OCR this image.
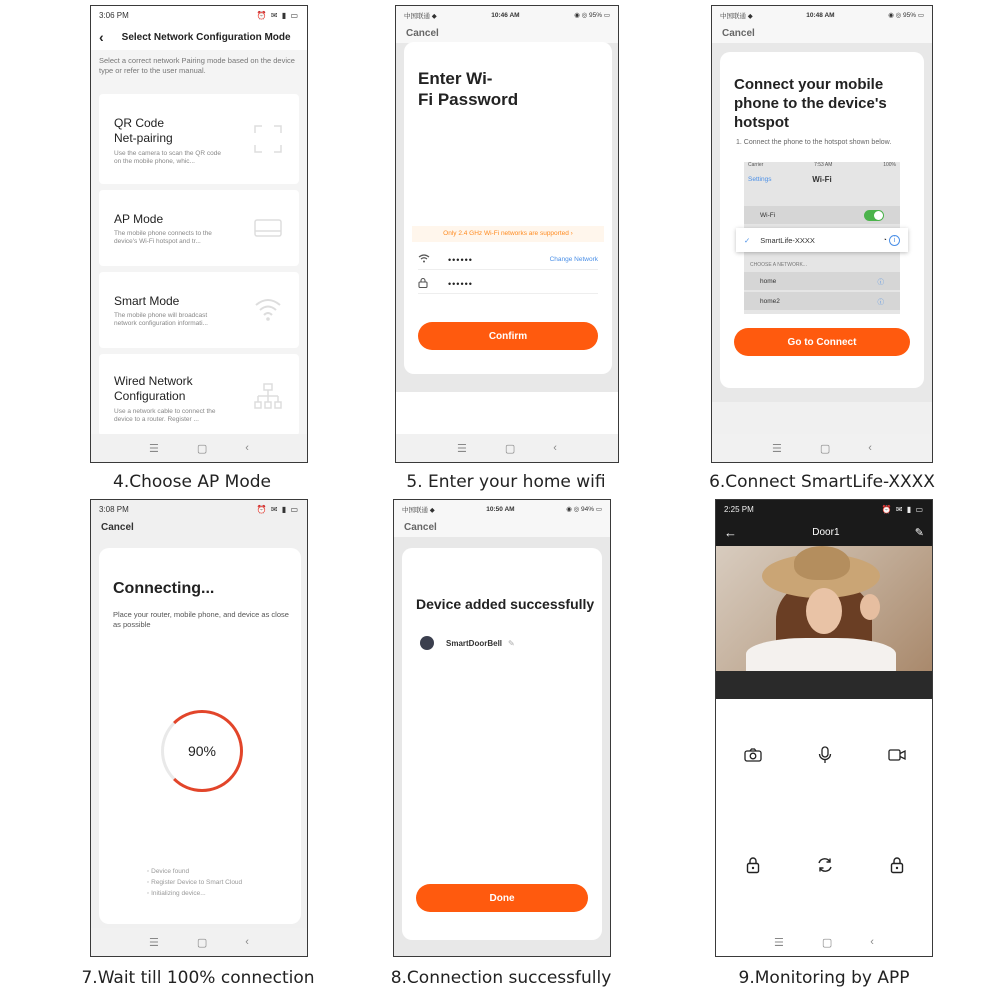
3:06 PM	⏰ ✉ ▮ ▭
‹ Select Network Configuration Mode
Select a correct network Pairing mode based on the device type or refer to the user manual.
QR Code
Net-pairing
Use the camera to scan the QR code on the mobile phone, whic...
AP Mode
The mobile phone connects to the device's Wi-Fi hotspot and tr...
Smart Mode
The mobile phone will broadcast network configuration informati...
Wired Network
Configuration
Use a network cable to connect the device to a router. Register ...
☰	▢	‹
4.Choose AP Mode
中国联通 ◆	10:46 AM	◉ ◎ 95% ▭
Cancel
Enter Wi-
Fi Password
Only 2.4 GHz Wi-Fi networks are supported ›
••••••	Change Network
••••••
Confirm
☰	▢	‹
5. Enter your home wifi
中国联通 ◆	10:48 AM	◉ ◎ 95% ▭
Cancel
Connect your mobile phone to the device's hotspot
1. Connect the phone to the hotspot shown below.
Carrier	7:53 AM	100%
Settings	Wi-Fi
Wi-Fi
✓ SmartLife-XXXX	◔ i
CHOOSE A NETWORK...
home	ⓘ
home2	ⓘ
Go to Connect
☰	▢	‹
6.Connect SmartLife-XXXX
3:08 PM	⏰ ✉ ▮ ▭
Cancel
Connecting...
Place your router, mobile phone, and device as close as possible
90%
◦ Device found
◦ Register Device to Smart Cloud
◦ Initializing device...
☰	▢	‹
7.Wait till 100% connection
中国联通 ◆	10:50 AM	◉ ◎ 94% ▭
Cancel
Device added successfully
SmartDoorBell ✎
Done
8.Connection successfully
2:25 PM	⏰ ✉ ▮ ▭
←	Door1	✎
☰	▢	‹
9.Monitoring by APP
